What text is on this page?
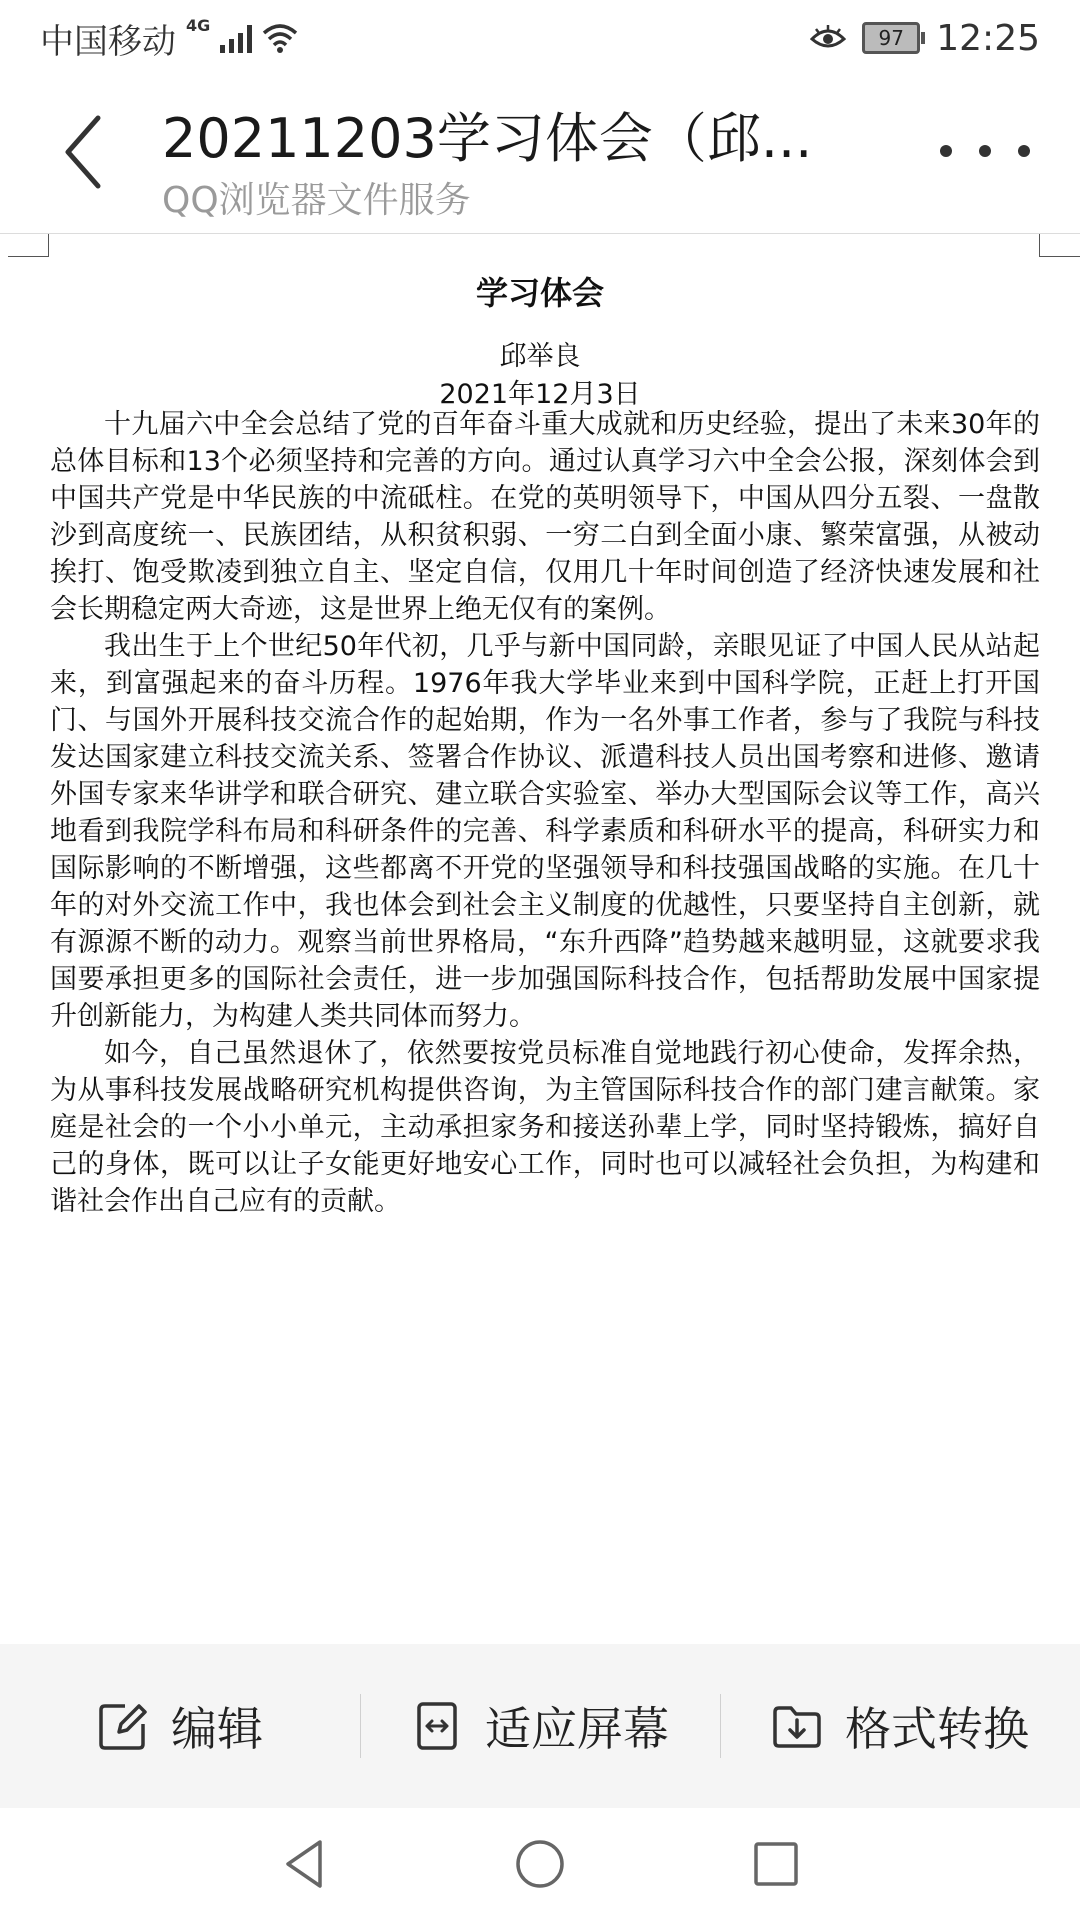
中国移动 4G
97 12:25
20211203学习体会（邱...
QQ浏览器文件服务
学习体会
邱举良
2021年12月3日

十九届六中全会总结了党的百年奋斗重大成就和历史经验，提出了未来30年的总体目标和13个必须坚持和完善的方向。通过认真学习六中全会公报，深刻体会到中国共产党是中华民族的中流砥柱。在党的英明领导下，中国从四分五裂、一盘散沙到高度统一、民族团结，从积贫积弱、一穷二白到全面小康、繁荣富强，从被动挨打、饱受欺凌到独立自主、坚定自信，仅用几十年时间创造了经济快速发展和社会长期稳定两大奇迹，这是世界上绝无仅有的案例。

我出生于上个世纪50年代初，几乎与新中国同龄，亲眼见证了中国人民从站起来，到富强起来的奋斗历程。1976年我大学毕业来到中国科学院，正赶上打开国门、与国外开展科技交流合作的起始期，作为一名外事工作者，参与了我院与科技发达国家建立科技交流关系、签署合作协议、派遣科技人员出国考察和进修、邀请外国专家来华讲学和联合研究、建立联合实验室、举办大型国际会议等工作，高兴地看到我院学科布局和科研条件的完善、科学素质和科研水平的提高，科研实力和国际影响的不断增强，这些都离不开党的坚强领导和科技强国战略的实施。在几十年的对外交流工作中，我也体会到社会主义制度的优越性，只要坚持自主创新，就有源源不断的动力。观察当前世界格局，“东升西降”趋势越来越明显，这就要求我国要承担更多的国际社会责任，进一步加强国际科技合作，包括帮助发展中国家提升创新能力，为构建人类共同体而努力。

如今，自己虽然退休了，依然要按党员标准自觉地践行初心使命，发挥余热，为从事科技发展战略研究机构提供咨询，为主管国际科技合作的部门建言献策。家庭是社会的一个小小单元，主动承担家务和接送孙辈上学，同时坚持锻炼，搞好自己的身体，既可以让子女能更好地安心工作，同时也可以减轻社会负担，为构建和谐社会作出自己应有的贡献。

编辑	适应屏幕	格式转换
